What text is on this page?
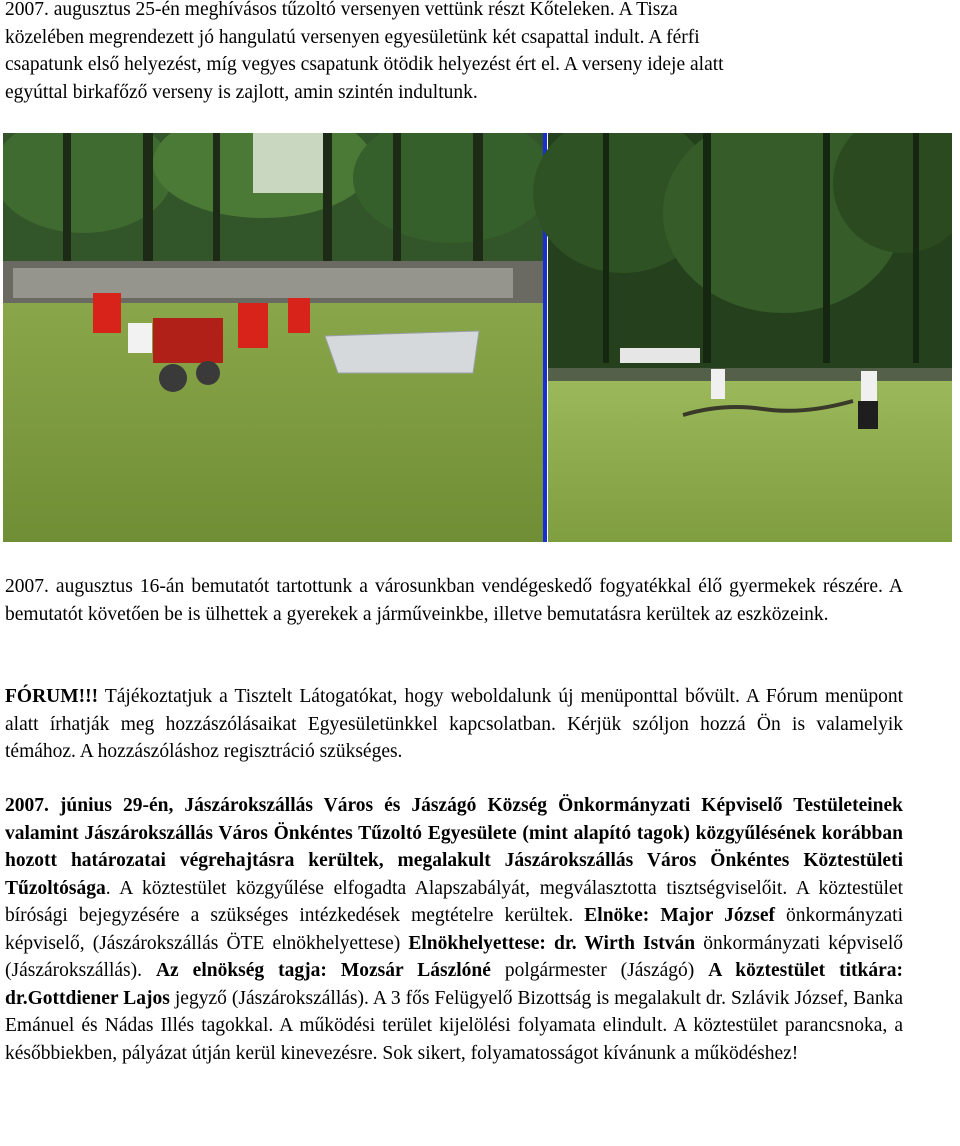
2007. augusztus 25-én meghívásos tűzoltó versenyen vettünk részt Kőteleken. A Tisza
közelében megrendezett jó hangulatú versenyen egyesületünk két csapattal indult. A férfi
csapatunk első helyezést, míg vegyes csapatunk ötödik helyezést ért el. A verseny ideje alatt
egyúttal birkafőző verseny is zajlott, amin szintén indultunk.
2007. augusztus 16-án bemutatót tartottunk a városunkban vendégeskedő fogyatékkal élő gyermekek részére. A bemutatót követően be is ülhettek a gyerekek a járműveinkbe, illetve bemutatásra kerültek az eszközeink.
FÓRUM!!! Tájékoztatjuk a Tisztelt Látogatókat, hogy weboldalunk új menüponttal bővült. A Fórum menüpont alatt írhatják meg hozzászólásaikat Egyesületünkkel kapcsolatban. Kérjük szóljon hozzá Ön is valamelyik témához. A hozzászóláshoz regisztráció szükséges.
2007. június 29-én, Jászárokszállás Város és Jászágó Község Önkormányzati Képviselő Testületeinek valamint Jászárokszállás Város Önkéntes Tűzoltó Egyesülete (mint alapító tagok) közgyűlésének korábban hozott határozatai végrehajtásra kerültek, megalakult Jászárokszállás Város Önkéntes Köztestületi Tűzoltósága. A köztestület közgyűlése elfogadta Alapszabályát, megválasztotta tisztségviselőit. A köztestület bírósági bejegyzésére a szükséges intézkedések megtételre kerültek. Elnöke: Major József önkormányzati képviselő, (Jászárokszállás ÖTE elnökhelyettese) Elnökhelyettese: dr. Wirth István önkormányzati képviselő (Jászárokszállás). Az elnökség tagja: Mozsár Lászlóné polgármester (Jászágó) A köztestület titkára: dr.Gottdiener Lajos jegyző (Jászárokszállás). A 3 fős Felügyelő Bizottság is megalakult dr. Szlávik József, Banka Emánuel és Nádas Illés tagokkal. A működési terület kijelölési folyamata elindult. A köztestület parancsnoka, a későbbiekben, pályázat útján kerül kinevezésre. Sok sikert, folyamatosságot kívánunk a működéshez!
